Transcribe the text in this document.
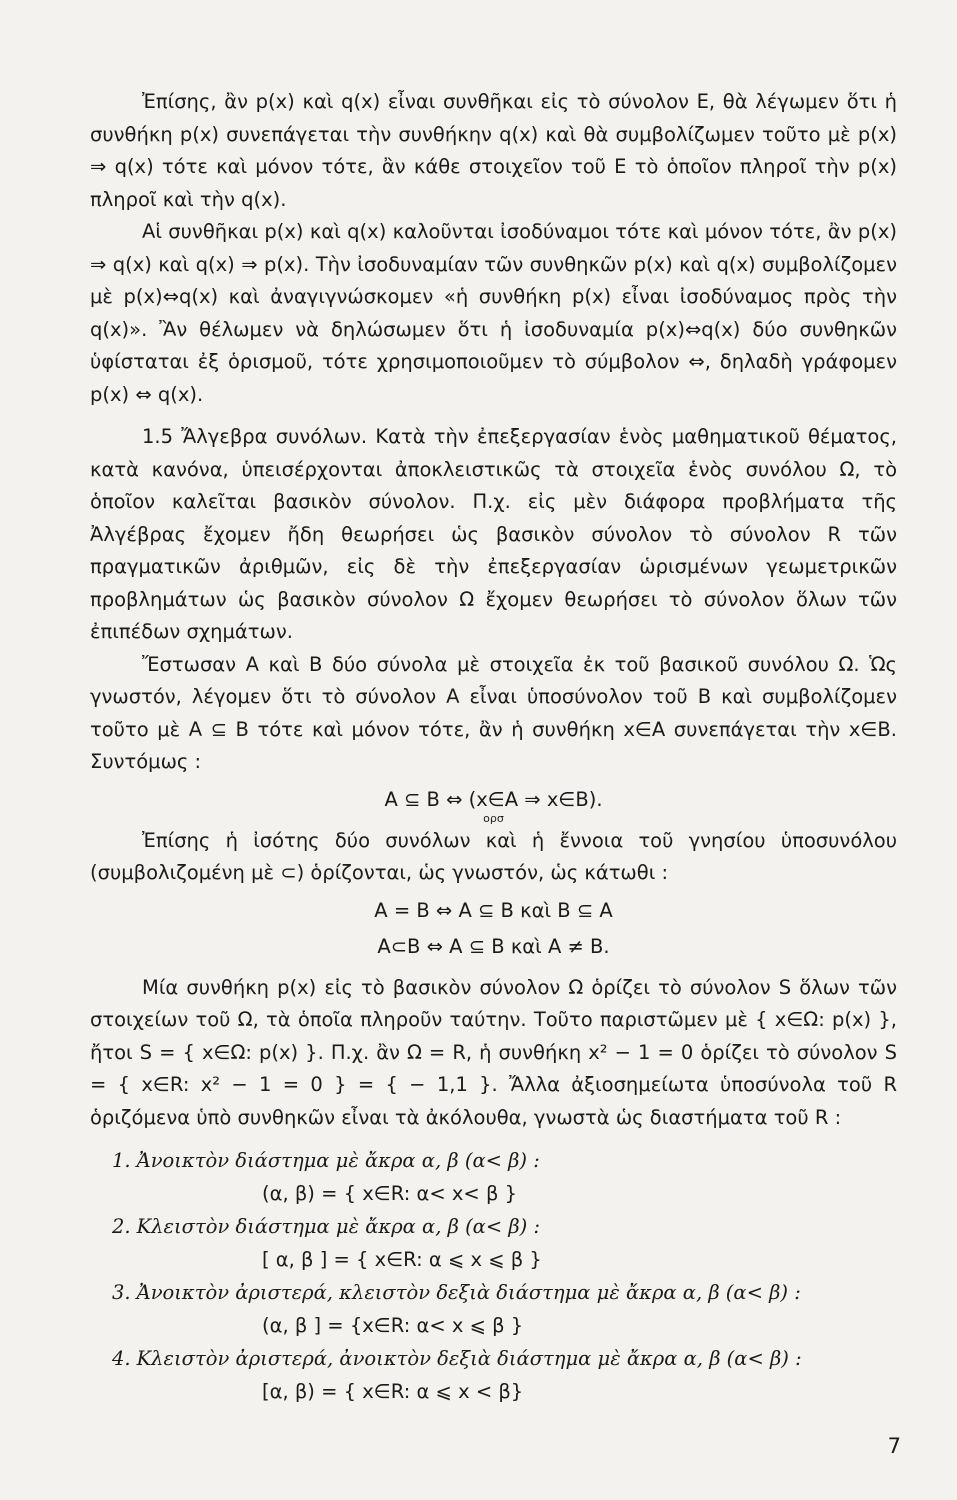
Ἐπίσης, ἂν p(x) καὶ q(x) εἶναι συνθῆκαι εἰς τὸ σύνολον Ε, θὰ λέγωμεν ὅτι ἡ συνθήκη p(x) συνεπάγεται τὴν συνθήκην q(x) καὶ θὰ συμβολίζωμεν τοῦτο μὲ p(x) ⇒ q(x) τότε καὶ μόνον τότε, ἂν κάθε στοιχεῖον τοῦ Ε τὸ ὁποῖον πληροῖ τὴν p(x) πληροῖ καὶ τὴν q(x).

Αἱ συνθῆκαι p(x) καὶ q(x) καλοῦνται ἰσοδύναμοι τότε καὶ μόνον τότε, ἂν p(x) ⇒ q(x) καὶ q(x) ⇒ p(x). Τὴν ἰσοδυναμίαν τῶν συνθηκῶν p(x) καὶ q(x) συμβολίζομεν μὲ p(x)⇔q(x) καὶ ἀναγιγνώσκομεν «ἡ συνθήκη p(x) εἶναι ἰσοδύναμος πρὸς τὴν q(x)». Ἂν θέλωμεν νὰ δηλώσωμεν ὅτι ἡ ἰσοδυναμία p(x)⇔q(x) δύο συνθηκῶν ὑφίσταται ἐξ ὁρισμοῦ, τότε χρησιμοποιοῦμεν τὸ σύμβολον ⇔, δηλαδὴ γράφομεν p(x) ⇔ q(x).

1.5 Ἄλγεβρα συνόλων. Κατὰ τὴν ἐπεξεργασίαν ἑνὸς μαθηματικοῦ θέματος, κατὰ κανόνα, ὑπεισέρχονται ἀποκλειστικῶς τὰ στοιχεῖα ἑνὸς συνόλου Ω, τὸ ὁποῖον καλεῖται βασικὸν σύνολον. Π.χ. εἰς μὲν διάφορα προβλήματα τῆς Ἀλγέβρας ἔχομεν ἤδη θεωρήσει ὡς βασικὸν σύνολον τὸ σύνολον R τῶν πραγματικῶν ἀριθμῶν, εἰς δὲ τὴν ἐπεξεργασίαν ὡρισμένων γεωμετρικῶν προβλημάτων ὡς βασικὸν σύνολον Ω ἔχομεν θεωρήσει τὸ σύνολον ὅλων τῶν ἐπιπέδων σχημάτων.

Ἔστωσαν Α καὶ Β δύο σύνολα μὲ στοιχεῖα ἐκ τοῦ βασικοῦ συνόλου Ω. Ὡς γνωστόν, λέγομεν ὅτι τὸ σύνολον Α εἶναι ὑποσύνολον τοῦ Β καὶ συμβολίζομεν τοῦτο μὲ Α ⊆ Β τότε καὶ μόνον τότε, ἂν ἡ συνθήκη x∈A συνεπάγεται τὴν x∈B. Συντόμως :

A ⊆ B ⇔ (x∈A ⇒ x∈B).
ορσ

Ἐπίσης ἡ ἰσότης δύο συνόλων καὶ ἡ ἔννοια τοῦ γνησίου ὑποσυνόλου (συμβολιζομένη μὲ ⊂) ὁρίζονται, ὡς γνωστόν, ὡς κάτωθι :

A = B ⇔ A ⊆ B καὶ B ⊆ A
A⊂B ⇔ A ⊆ B καὶ A ≠ B.

Μία συνθήκη p(x) εἰς τὸ βασικὸν σύνολον Ω ὁρίζει τὸ σύνολον S ὅλων τῶν στοιχείων τοῦ Ω, τὰ ὁποῖα πληροῦν ταύτην. Τοῦτο παριστῶμεν μὲ { x∈Ω: p(x) }, ἤτοι S = { x∈Ω: p(x) }. Π.χ. ἂν Ω = R, ἡ συνθήκη x² − 1 = 0 ὁρίζει τὸ σύνολον S = { x∈R: x² − 1 = 0 } = { − 1,1 }. Ἄλλα ἀξιοσημείωτα ὑποσύνολα τοῦ R ὁριζόμενα ὑπὸ συνθηκῶν εἶναι τὰ ἀκόλουθα, γνωστὰ ὡς διαστήματα τοῦ R :

1. Ἀνοικτὸν διάστημα μὲ ἄκρα α, β (α< β) :
(α, β) = { x∈R: α< x< β }
2. Κλειστὸν διάστημα μὲ ἄκρα α, β (α< β) :
[ α, β ] = { x∈R: α ⩽ x ⩽ β }
3. Ἀνοικτὸν ἀριστερά, κλειστὸν δεξιὰ διάστημα μὲ ἄκρα α, β (α< β) :
(α, β ] = {x∈R: α< x ⩽ β }
4. Κλειστὸν ἀριστερά, ἀνοικτὸν δεξιὰ διάστημα μὲ ἄκρα α, β (α< β) :
[α, β) = { x∈R: α ⩽ x < β}
7
